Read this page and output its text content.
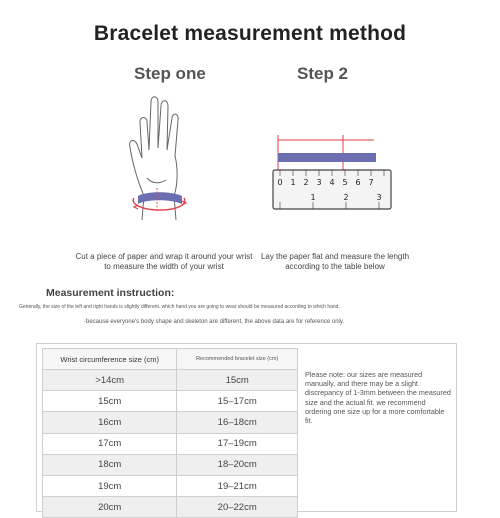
Bracelet measurement method
Step one	Step 2
0 1 2 3 4 5 6 7
1	2	3
Cut a piece of paper and wrap it around your wrist to measure the width of your wrist
Lay the paper flat and measure the length according to the table below
Measurement instruction:
Generally, the size of the left and right hands is slightly different. which hand you are going to wear should be measured according to which hand.
·because everyone's body shape and skeleton are different, the above data are for reference only.
Wrist circumference size (cm)	Recommended bracelet size (cm)
>14cm	15cm
15cm	15–17cm
16cm	16–18cm
17cm	17–19cm
18cm	18–20cm
19cm	19–21cm
20cm	20–22cm
Please note: our sizes are measured manually, and there may be a slight discrepancy of 1-3mm between the measured size and the actual fit. we recommend ordering one size up for a more comfortable fit.
